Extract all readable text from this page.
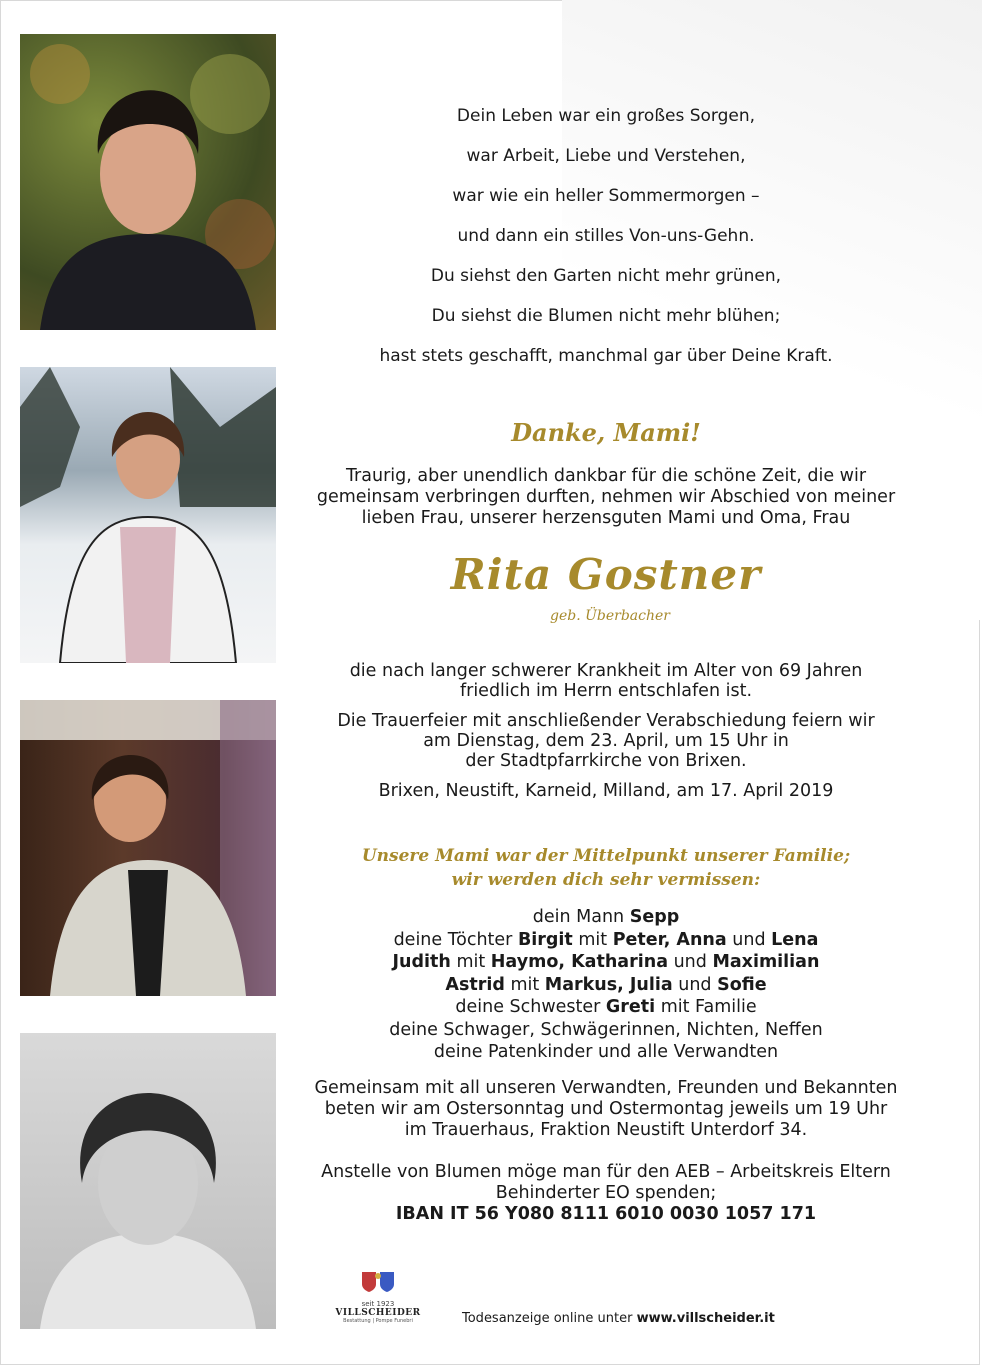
Dein Leben war ein großes Sorgen,
war Arbeit, Liebe und Verstehen,
war wie ein heller Sommermorgen –
und dann ein stilles Von-uns-Gehn.
Du siehst den Garten nicht mehr grünen,
Du siehst die Blumen nicht mehr blühen;
hast stets geschafft, manchmal gar über Deine Kraft.
Danke, Mami!
Traurig, aber unendlich dankbar für die schöne Zeit, die wir
gemeinsam verbringen durften, nehmen wir Abschied von meiner
lieben Frau, unserer herzensguten Mami und Oma, Frau
Rita Gostner
geb. Überbacher
die nach langer schwerer Krankheit im Alter von 69 Jahren
friedlich im Herrn entschlafen ist.
Die Trauerfeier mit anschließender Verabschiedung feiern wir
am Dienstag, dem 23. April, um 15 Uhr in
der Stadtpfarrkirche von Brixen.
Brixen, Neustift, Karneid, Milland, am 17. April 2019
Unsere Mami war der Mittelpunkt unserer Familie;
wir werden dich sehr vermissen:
dein Mann Sepp
deine Töchter Birgit mit Peter, Anna und Lena
Judith mit Haymo, Katharina und Maximilian
Astrid mit Markus, Julia und Sofie
deine Schwester Greti mit Familie
deine Schwager, Schwägerinnen, Nichten, Neffen
deine Patenkinder und alle Verwandten
Gemeinsam mit all unseren Verwandten, Freunden und Bekannten
beten wir am Ostersonntag und Ostermontag jeweils um 19 Uhr
im Trauerhaus, Fraktion Neustift Unterdorf 34.
Anstelle von Blumen möge man für den AEB – Arbeitskreis Eltern
Behinderter EO spenden;
IBAN IT 56 Y080 8111 6010 0030 1057 171
seit 1923
VILLSCHEIDER
Bestattung | Pompe Funebri	Todesanzeige online unter www.villscheider.it
